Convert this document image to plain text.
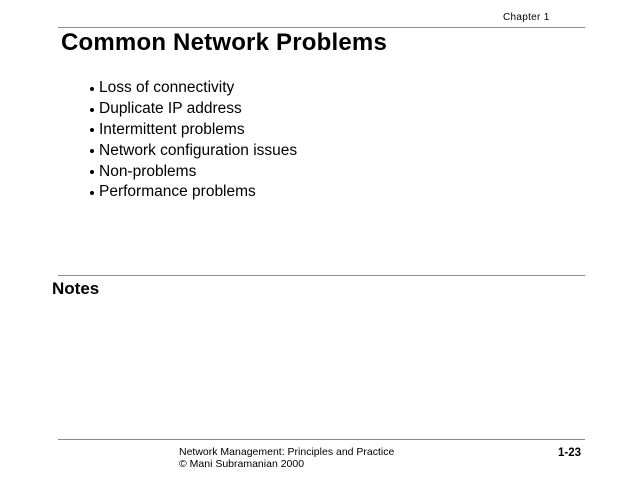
Chapter 1
Common Network Problems
Loss of connectivity
Duplicate IP address
Intermittent problems
Network configuration issues
Non-problems
Performance problems
Notes
Network Management: Principles and Practice
© Mani Subramanian 2000
1-23
